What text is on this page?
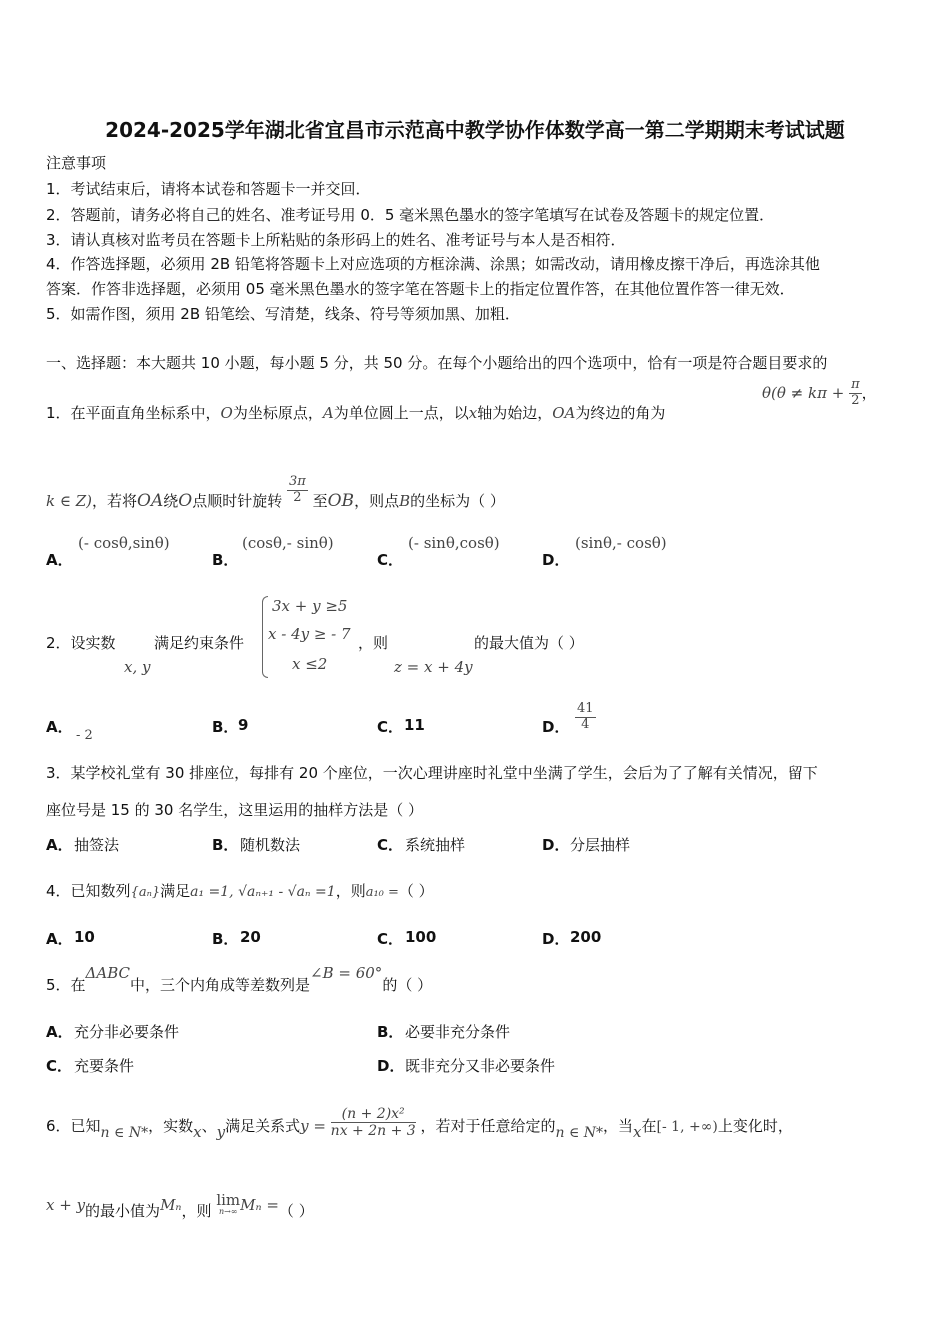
2024-2025学年湖北省宜昌市示范高中教学协作体数学高一第二学期期末考试试题
注意事项
1．考试结束后，请将本试卷和答题卡一并交回．
2．答题前，请务必将自己的姓名、准考证号用 0．5 毫米黑色墨水的签字笔填写在试卷及答题卡的规定位置．
3．请认真核对监考员在答题卡上所粘贴的条形码上的姓名、准考证号与本人是否相符．
4．作答选择题，必须用 2B 铅笔将答题卡上对应选项的方框涂满、涂黑；如需改动，请用橡皮擦干净后，再选涂其他
答案．作答非选择题，必须用 05 毫米黑色墨水的签字笔在答题卡上的指定位置作答，在其他位置作答一律无效．
5．如需作图，须用 2B 铅笔绘、写清楚，线条、符号等须加黑、加粗．
一、选择题：本大题共 10 小题，每小题 5 分，共 50 分。在每个小题给出的四个选项中，恰有一项是符合题目要求的
1．在平面直角坐标系中，O为坐标原点，A为单位圆上一点，以x轴为始边，OA为终边的角为
$\theta(\theta \ne k\pi + \frac{\pi}{2}$ ，
k ∈ Z)，若将OA绕O点顺时针旋转 $\frac{3\pi}{2}$ 至OB，则点B的坐标为（ ）
A．
(- cosθ,sinθ)
B．
(cosθ,- sinθ)
C．
(- sinθ,cosθ)
D．
(sinθ,- cosθ)
2．设实数
x, y
满足约束条件
3x + y ≥5
x - 4y ≥ - 7
x ≤2
，则
z = x + 4y
的最大值为（ ）
A． - 2	B． 9	C． 11	D． $\frac{41}{4}$
3．某学校礼堂有 30 排座位，每排有 20 个座位，一次心理讲座时礼堂中坐满了学生，会后为了了解有关情况，留下
座位号是 15 的 30 名学生，这里运用的抽样方法是（ ）
A． 抽签法	B． 随机数法	C． 系统抽样	D． 分层抽样
4．已知数列{aₙ}满足a₁ =1, √aₙ₊₁ - √aₙ =1，则a₁₀ =（ ）
A． 10	B． 20	C． 100	D． 200
5．在ΔABC中，三个内角成等差数列是∠B = 60°的（ ）
A． 充分非必要条件	B． 必要非充分条件
C． 充要条件	D． 既非充分又非必要条件
6．已知n ∈ N*，实数x、y满足关系式$y = \frac{\text{(n + 2)x²}}{nx + 2n + 3}$ ，若对于任意给定的n ∈ N*，当x在[- 1, +∞)上变化时，
x + y的最小值为Mₙ，则
lim
n→∞ Mₙ =（ ）
